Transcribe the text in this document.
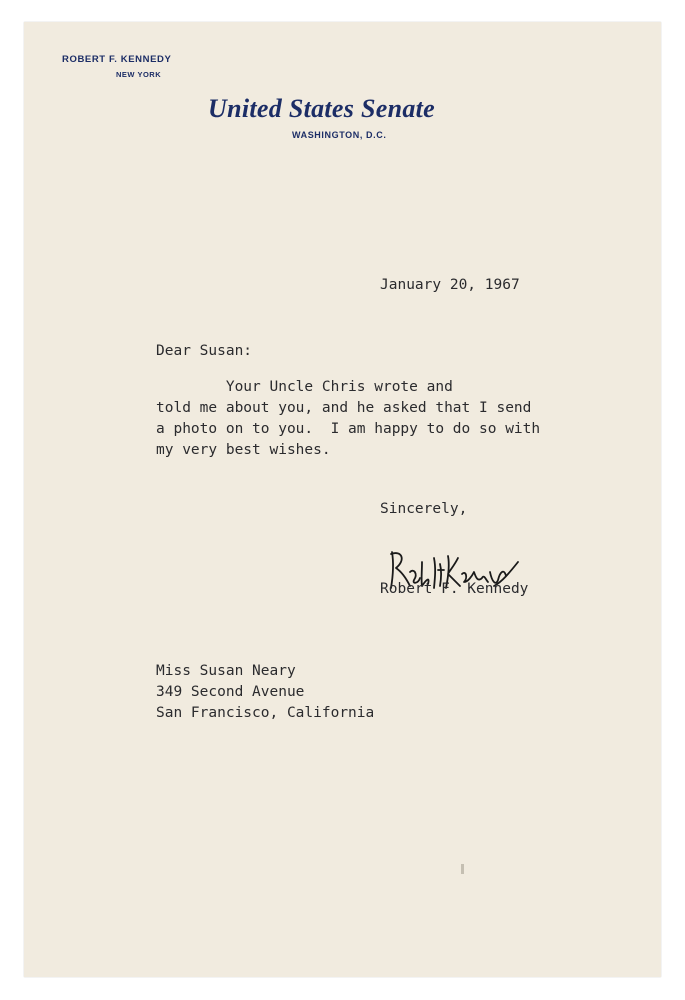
ROBERT F. KENNEDY
NEW YORK
United States Senate
WASHINGTON, D.C.
January 20, 1967
Dear Susan:
Your Uncle Chris wrote and
told me about you, and he asked that I send
a photo on to you.  I am happy to do so with
my very best wishes.
Sincerely,
Robert F. Kennedy
Miss Susan Neary
349 Second Avenue
San Francisco, California
